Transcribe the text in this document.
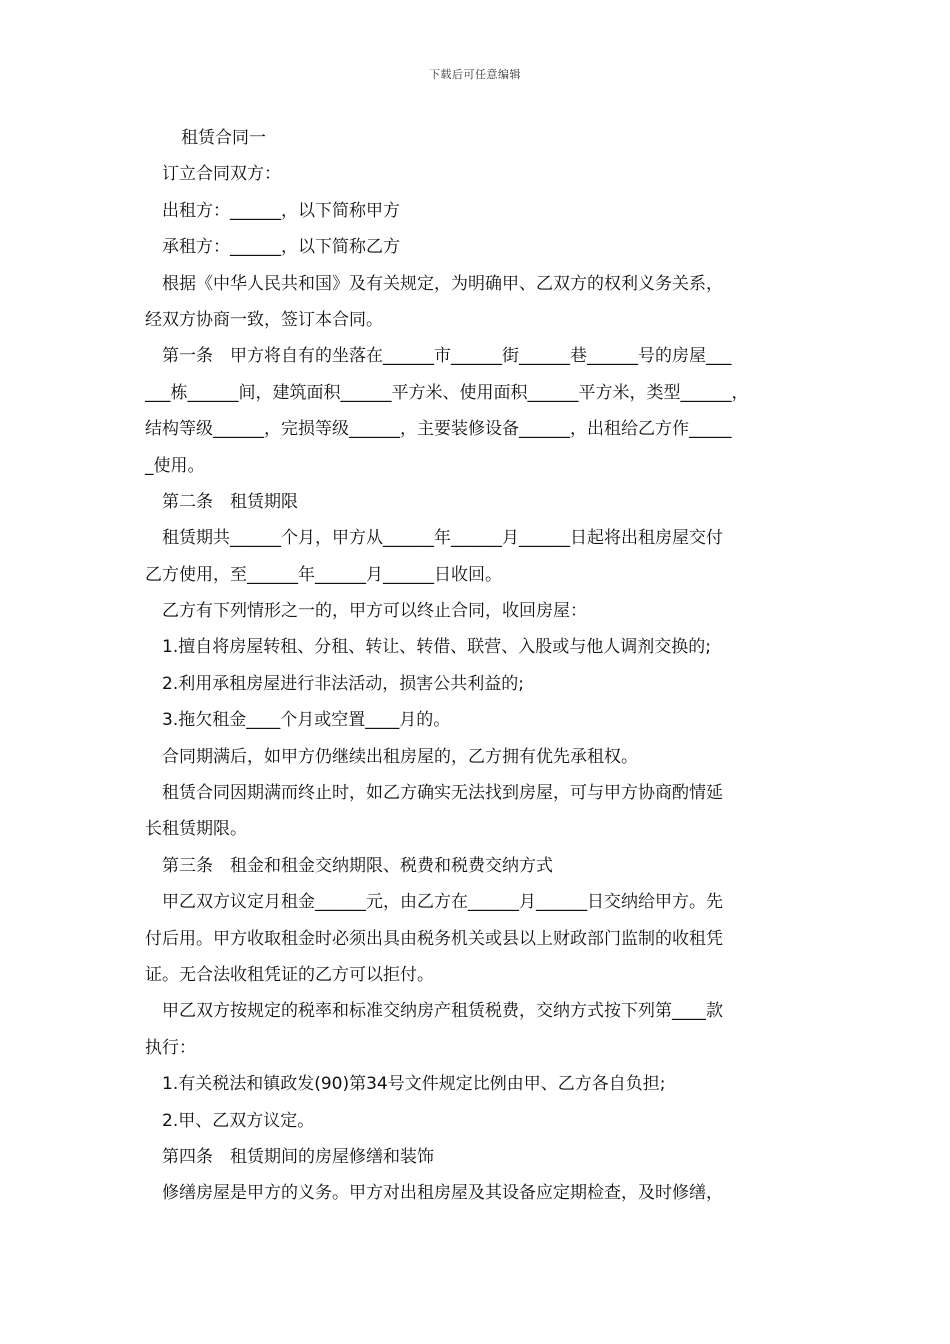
下载后可任意编辑
租赁合同一
订立合同双方：
出租方：______，以下简称甲方
承租方：______，以下简称乙方
根据《中华人民共和国》及有关规定，为明确甲、乙双方的权利义务关系，
经双方协商一致，签订本合同。
第一条　甲方将自有的坐落在______市______街______巷______号的房屋___
___栋______间，建筑面积______平方米、使用面积______平方米，类型______，
结构等级______，完损等级______，主要装修设备______，出租给乙方作_____
_使用。
第二条　租赁期限
租赁期共______个月，甲方从______年______月______日起将出租房屋交付
乙方使用，至______年______月______日收回。
乙方有下列情形之一的，甲方可以终止合同，收回房屋：
1.擅自将房屋转租、分租、转让、转借、联营、入股或与他人调剂交换的;
2.利用承租房屋进行非法活动，损害公共利益的;
3.拖欠租金____个月或空置____月的。
合同期满后，如甲方仍继续出租房屋的，乙方拥有优先承租权。
租赁合同因期满而终止时，如乙方确实无法找到房屋，可与甲方协商酌情延
长租赁期限。
第三条　租金和租金交纳期限、税费和税费交纳方式
甲乙双方议定月租金______元，由乙方在______月______日交纳给甲方。先
付后用。甲方收取租金时必须出具由税务机关或县以上财政部门监制的收租凭
证。无合法收租凭证的乙方可以拒付。
甲乙双方按规定的税率和标准交纳房产租赁税费，交纳方式按下列第____款
执行：
1.有关税法和镇政发(90)第34号文件规定比例由甲、乙方各自负担;
2.甲、乙双方议定。
第四条　租赁期间的房屋修缮和装饰
修缮房屋是甲方的义务。甲方对出租房屋及其设备应定期检查，及时修缮，
